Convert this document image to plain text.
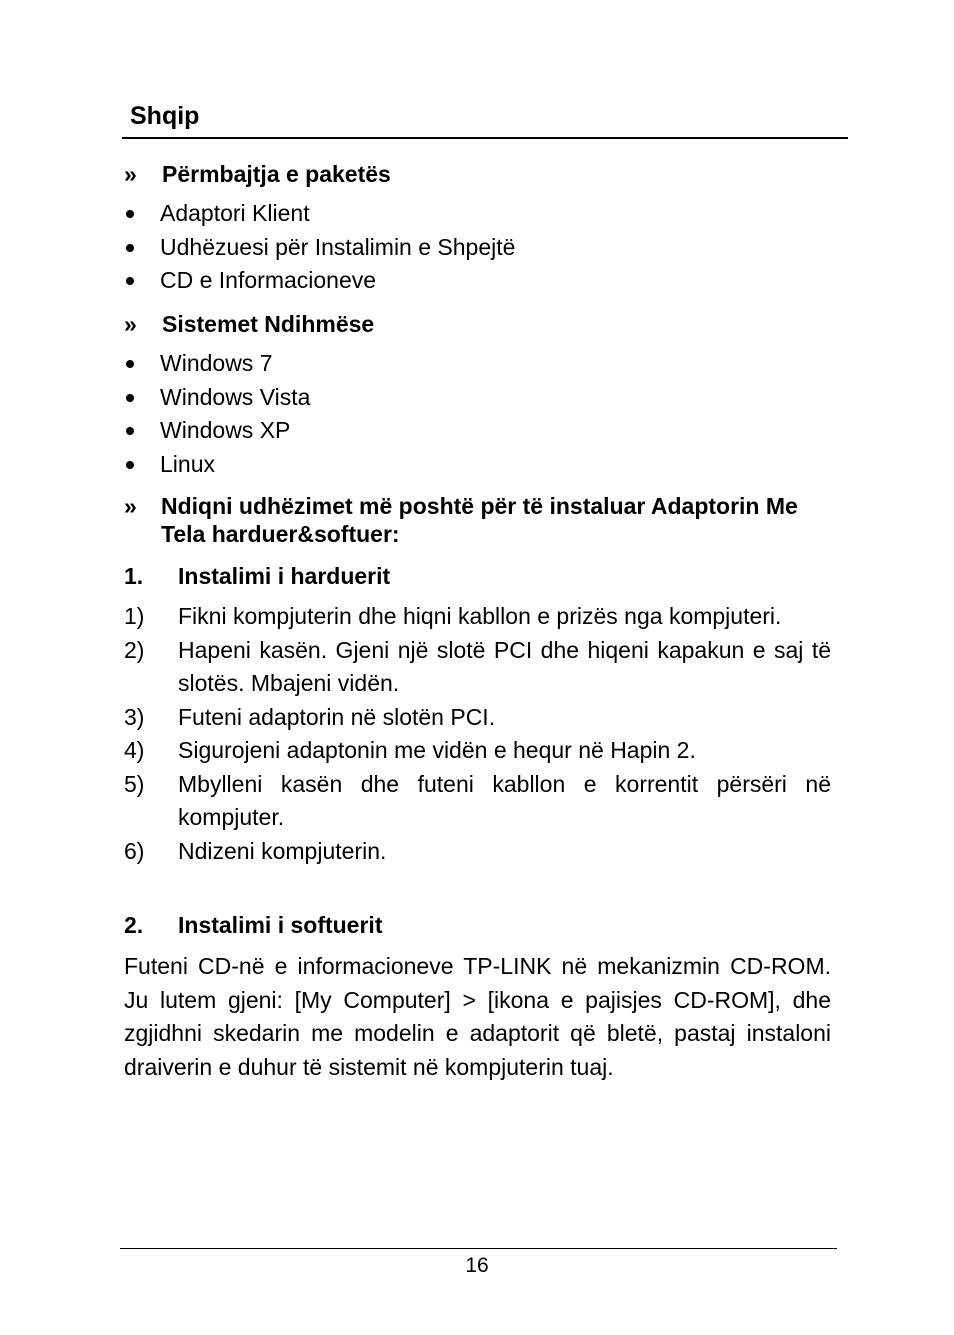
Shqip
» Përmbajtja e paketës
Adaptori Klient
Udhëzuesi për Instalimin e Shpejtë
CD e Informacioneve
» Sistemet Ndihmëse
Windows 7
Windows Vista
Windows XP
Linux
» Ndiqni udhëzimet më poshtë për të instaluar Adaptorin Me Tela harduer&softuer:
1. Instalimi i harduerit
1) Fikni kompjuterin dhe hiqni kabllon e prizës nga kompjuteri.
2) Hapeni kasën. Gjeni një slotë PCI dhe hiqeni kapakun e saj të slotës. Mbajeni vidën.
3) Futeni adaptorin në slotën PCI.
4) Sigurojeni adaptonin me vidën e hequr në Hapin 2.
5) Mbylleni kasën dhe futeni kabllon e korrentit përsëri në kompjuter.
6) Ndizeni kompjuterin.
2. Instalimi i softuerit

Futeni CD-në e informacioneve TP-LINK në mekanizmin CD-ROM. Ju lutem gjeni: [My Computer] > [ikona e pajisjes CD-ROM], dhe zgjidhni skedarin me modelin e adaptorit që bletë, pastaj instaloni draiverin e duhur të sistemit në kompjuterin tuaj.

16
